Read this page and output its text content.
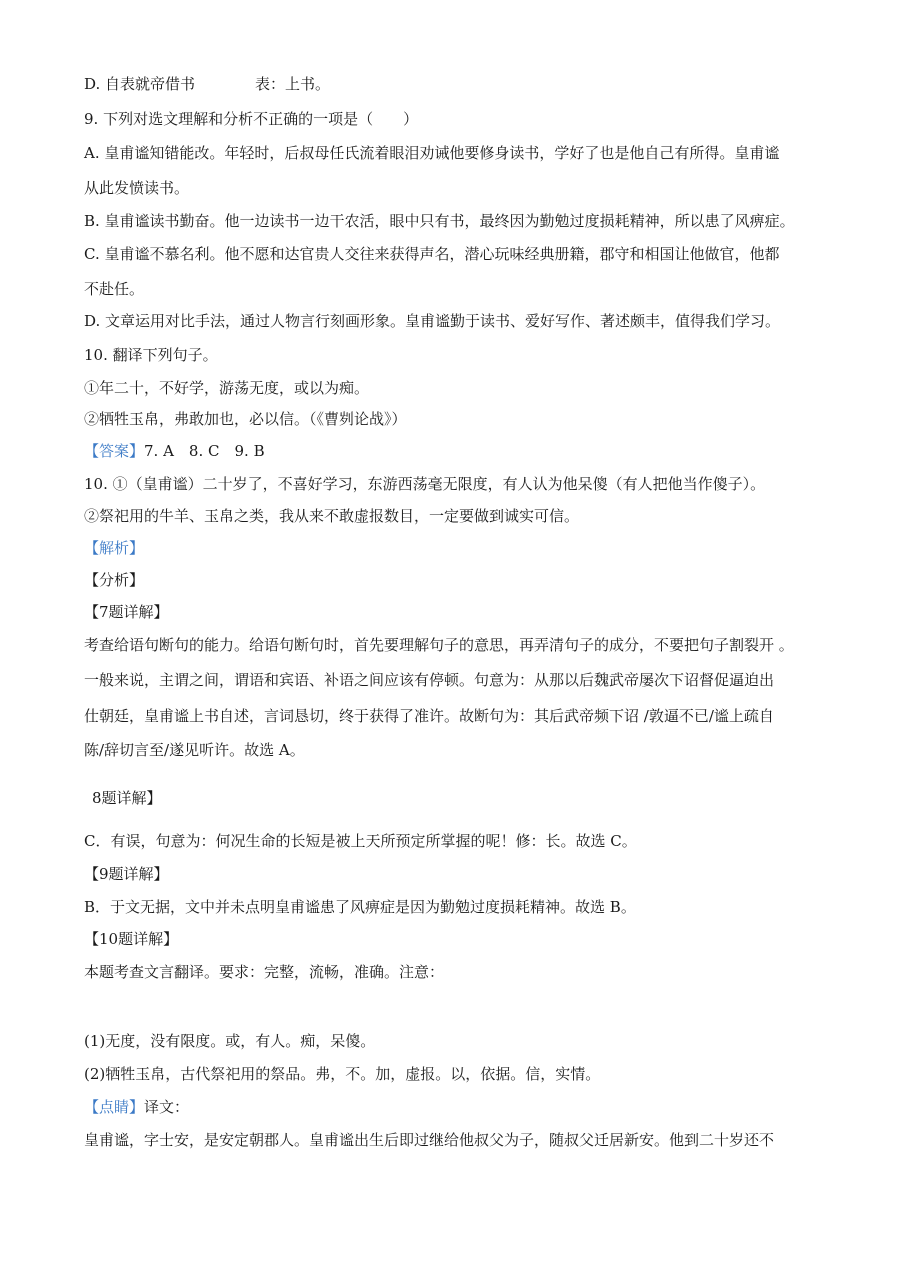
D. 自表就帝借书	表：上书。
9. 下列对选文理解和分析不正确的一项是（　　）
A. 皇甫谧知错能改。年轻时，后叔母任氏流着眼泪劝诫他要修身读书，学好了也是他自己有所得。皇甫谧
从此发愤读书。
B. 皇甫谧读书勤奋。他一边读书一边干农活，眼中只有书，最终因为勤勉过度损耗精神，所以患了风痹症。
C. 皇甫谧不慕名利。他不愿和达官贵人交往来获得声名，潜心玩味经典册籍，郡守和相国让他做官，他都
不赴任。
D. 文章运用对比手法，通过人物言行刻画形象。皇甫谧勤于读书、爱好写作、著述颇丰，值得我们学习。
10. 翻译下列句子。
①年二十，不好学，游荡无度，或以为痴。
②牺牲玉帛，弗敢加也，必以信。（《曹刿论战》）
【答案】7. A　8. C　9. B
10. ①（皇甫谧）二十岁了，不喜好学习，东游西荡毫无限度，有人认为他呆傻（有人把他当作傻子）。
②祭祀用的牛羊、玉帛之类，我从来不敢虚报数目，一定要做到诚实可信。
【解析】
【分析】
【7题详解】
考查给语句断句的能力。给语句断句时，首先要理解句子的意思，再弄清句子的成分，不要把句子割裂开 。
一般来说，主谓之间，谓语和宾语、补语之间应该有停顿。句意为：从那以后魏武帝屡次下诏督促逼迫出
仕朝廷，皇甫谧上书自述，言词恳切，终于获得了准许。故断句为：其后武帝频下诏 /敦逼不已/谧上疏自
陈/辞切言至/遂见听许。故选 A。
8题详解】
C．有误，句意为：何况生命的长短是被上天所预定所掌握的呢！修：长。故选 C。
【9题详解】
B．于文无据，文中并未点明皇甫谧患了风痹症是因为勤勉过度损耗精神。故选 B。
【10题详解】
本题考查文言翻译。要求：完整，流畅，准确。注意：
(1)无度，没有限度。或，有人。痴，呆傻。
(2)牺牲玉帛，古代祭祀用的祭品。弗，不。加，虚报。以，依据。信，实情。
【点睛】译文：
皇甫谧，字士安，是安定朝郡人。皇甫谧出生后即过继给他叔父为子，随叔父迁居新安。他到二十岁还不
